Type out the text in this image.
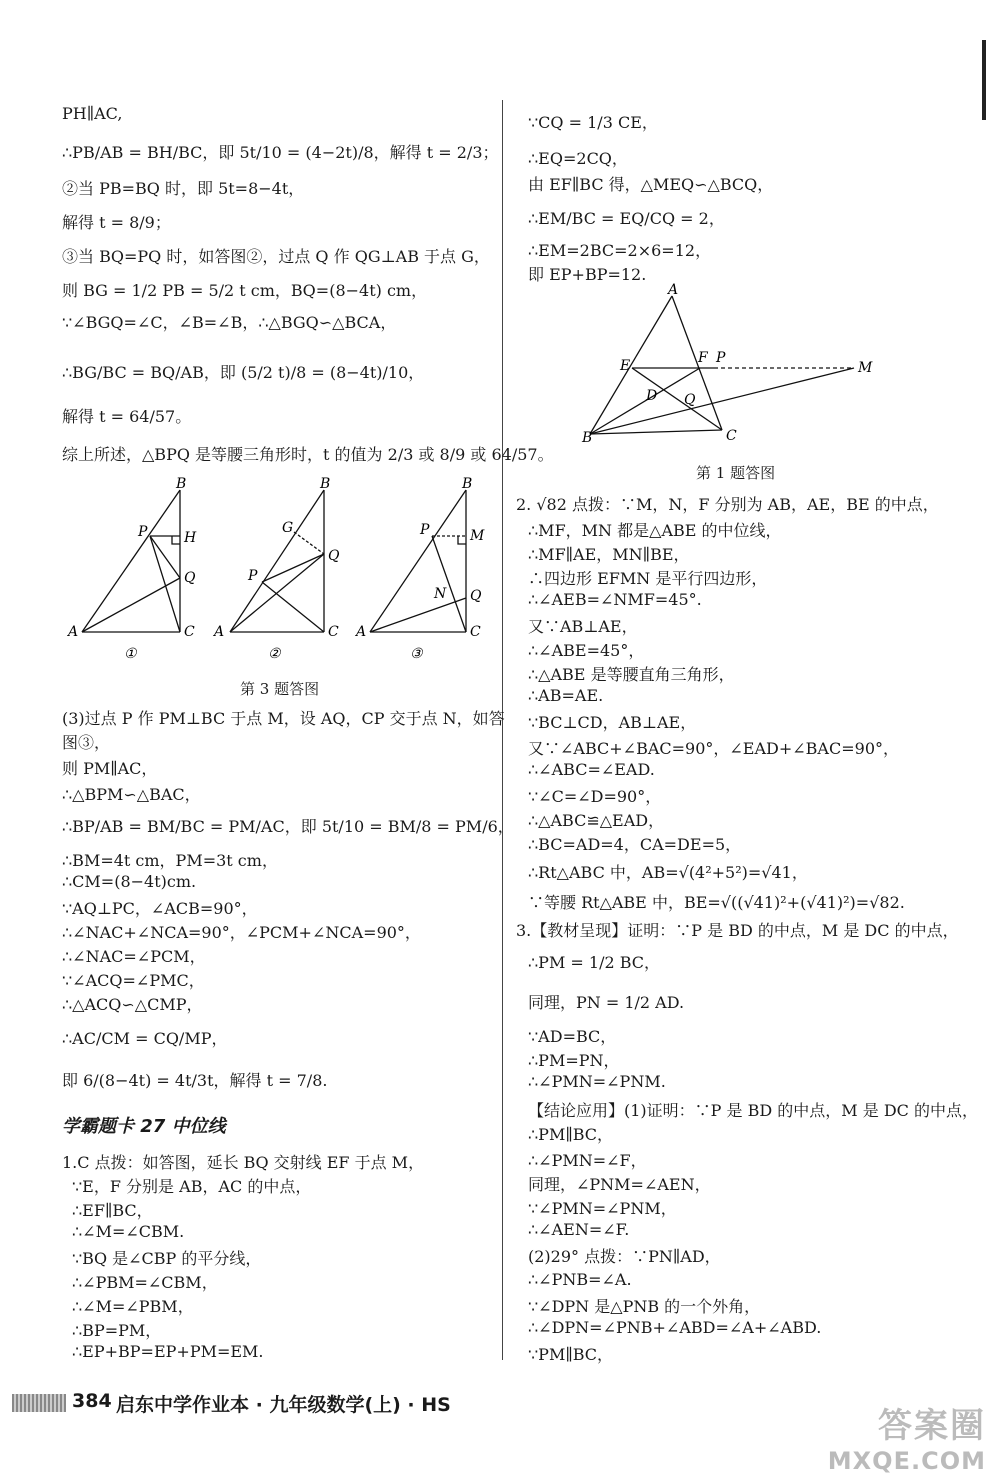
PH∥AC,
∴PB/AB = BH/BC，即 5t/10 = (4−2t)/8，解得 t = 2/3；
②当 PB=BQ 时，即 5t=8−4t，
解得 t = 8/9；
③当 BQ=PQ 时，如答图②，过点 Q 作 QG⊥AB 于点 G，
则 BG = 1/2 PB = 5/2 t cm，BQ=(8−4t) cm，
∵∠BGQ=∠C，∠B=∠B，∴△BGQ∽△BCA，
∴BG/BC = BQ/AB，即 (5/2 t)/8 = (8−4t)/10，
解得 t = 64/57。
综上所述，△BPQ 是等腰三角形时，t 的值为 2/3 或 8/9 或 64/57。
B
P	H
Q
A	C
①
B
G
Q
P
A	C
②
B
P	M
N Q
A	C
③
第 3 题答图
(3)过点 P 作 PM⊥BC 于点 M，设 AQ，CP 交于点 N，如答
图③，
则 PM∥AC，
∴△BPM∽△BAC，
∴BP/AB = BM/BC = PM/AC，即 5t/10 = BM/8 = PM/6，
∴BM=4t cm，PM=3t cm，
∴CM=(8−4t)cm.
∵AQ⊥PC，∠ACB=90°，
∴∠NAC+∠NCA=90°，∠PCM+∠NCA=90°，
∴∠NAC=∠PCM，
∵∠ACQ=∠PMC，
∴△ACQ∽△CMP，
∴AC/CM = CQ/MP，
即 6/(8−4t) = 4t/3t，解得 t = 7/8.
学霸题卡 27 中位线
1.C 点拨：如答图，延长 BQ 交射线 EF 于点 M，
∵E，F 分别是 AB，AC 的中点，
∴EF∥BC，
∴∠M=∠CBM.
∵BQ 是∠CBP 的平分线，
∴∠PBM=∠CBM，
∴∠M=∠PBM，
∴BP=PM，
∴EP+BP=EP+PM=EM.
∵CQ = 1/3 CE，
∴EQ=2CQ，
由 EF∥BC 得，△MEQ∽△BCQ，
∴EM/BC = EQ/CQ = 2，
∴EM=2BC=2×6=12，
即 EP+BP=12.
A
E	F P
M
D Q
B	C
第 1 题答图
2. √82 点拨：∵M，N，F 分别为 AB，AE，BE 的中点，
∴MF，MN 都是△ABE 的中位线，
∴MF∥AE，MN∥BE，
∴四边形 EFMN 是平行四边形，
∴∠AEB=∠NMF=45°.
又∵AB⊥AE，
∴∠ABE=45°，
∴△ABE 是等腰直角三角形，
∴AB=AE.
∵BC⊥CD，AB⊥AE，
又∵∠ABC+∠BAC=90°，∠EAD+∠BAC=90°，
∴∠ABC=∠EAD.
∵∠C=∠D=90°，
∴△ABC≌△EAD，
∴BC=AD=4，CA=DE=5，
∴Rt△ABC 中，AB=√(4²+5²)=√41，
∵等腰 Rt△ABE 中，BE=√((√41)²+(√41)²)=√82.
3.【教材呈现】证明：∵P 是 BD 的中点，M 是 DC 的中点，
∴PM = 1/2 BC，
同理，PN = 1/2 AD.
∵AD=BC，
∴PM=PN，
∴∠PMN=∠PNM.
【结论应用】(1)证明：∵P 是 BD 的中点，M 是 DC 的中点，
∴PM∥BC，
∴∠PMN=∠F，
同理，∠PNM=∠AEN，
∵∠PMN=∠PNM，
∴∠AEN=∠F.
(2)29° 点拨：∵PN∥AD，
∴∠PNB=∠A.
∵∠DPN 是△PNB 的一个外角，
∴∠DPN=∠PNB+∠ABD=∠A+∠ABD.
∵PM∥BC，
384 启东中学作业本 · 九年级数学(上) · HS
答案圈
MXQE.COM
